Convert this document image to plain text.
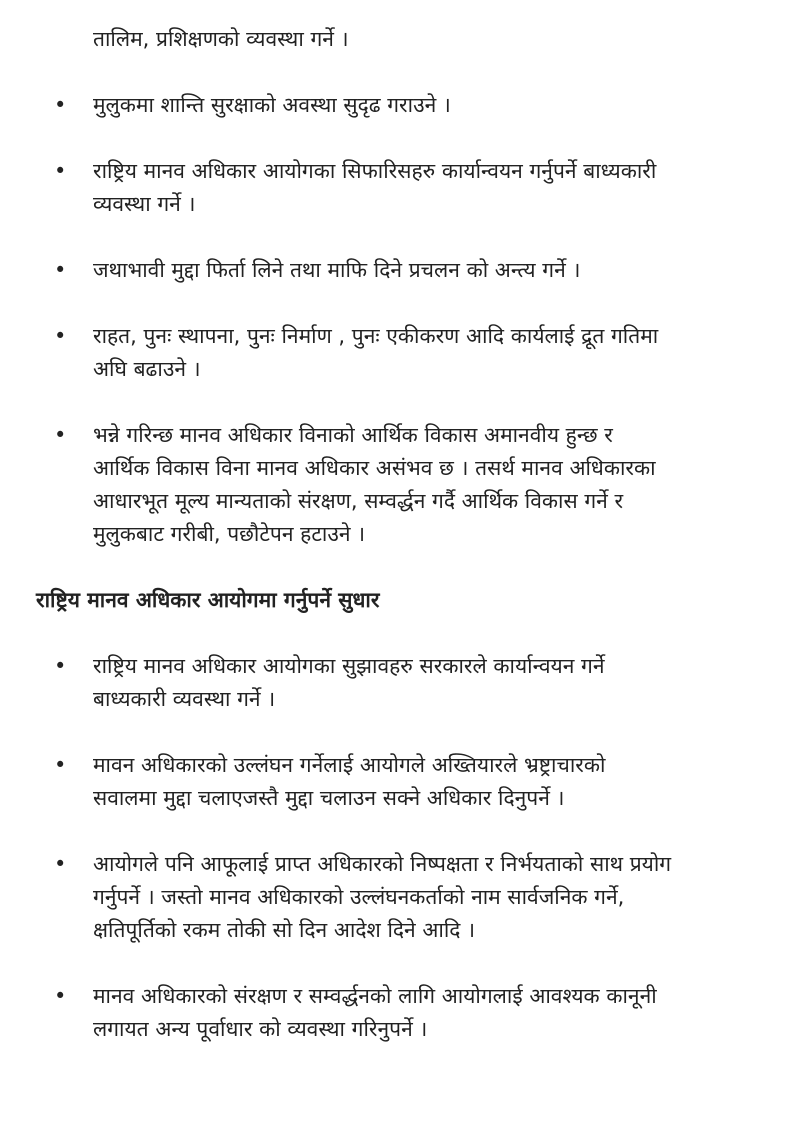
तालिम, प्रशिक्षणको व्यवस्था गर्ने ।
• मुलुकमा शान्ति सुरक्षाको अवस्था सुदृढ गराउने ।
• राष्ट्रिय मानव अधिकार आयोगका सिफारिसहरु कार्यान्वयन गर्नुपर्ने बाध्यकारी
व्यवस्था गर्ने ।
• जथाभावी मुद्दा फिर्ता लिने तथा माफि दिने प्रचलन को अन्त्य गर्ने ।
• राहत, पुनः स्थापना, पुनः निर्माण , पुनः एकीकरण आदि कार्यलाई द्रूत गतिमा
अघि बढाउने ।
• भन्ने गरिन्छ मानव अधिकार विनाको आर्थिक विकास अमानवीय हुन्छ र
आर्थिक विकास विना मानव अधिकार असंभव छ । तसर्थ मानव अधिकारका
आधारभूत मूल्य मान्यताको संरक्षण, सम्वर्द्धन गर्दै आर्थिक विकास गर्ने र
मुलुकबाट गरीबी, पछौटेपन हटाउने ।
राष्ट्रिय मानव अधिकार आयोगमा गर्नुपर्ने सुधार
• राष्ट्रिय मानव अधिकार आयोगका सुझावहरु सरकारले कार्यान्वयन गर्ने
बाध्यकारी व्यवस्था गर्ने ।
• मावन अधिकारको उल्लंघन गर्नेलाई आयोगले अख्तियारले भ्रष्ट्राचारको
सवालमा मुद्दा चलाएजस्तै मुद्दा चलाउन सक्ने अधिकार दिनुपर्ने ।
• आयोगले पनि आफूलाई प्राप्त अधिकारको निष्पक्षता र निर्भयताको साथ प्रयोग
गर्नुपर्ने । जस्तो मानव अधिकारको उल्लंघनकर्ताको नाम सार्वजनिक गर्ने,
क्षतिपूर्तिको रकम तोकी सो दिन आदेश दिने आदि ।
• मानव अधिकारको संरक्षण र सम्वर्द्धनको लागि आयोगलाई आवश्यक कानूनी
लगायत अन्य पूर्वाधार को व्यवस्था गरिनुपर्ने ।
